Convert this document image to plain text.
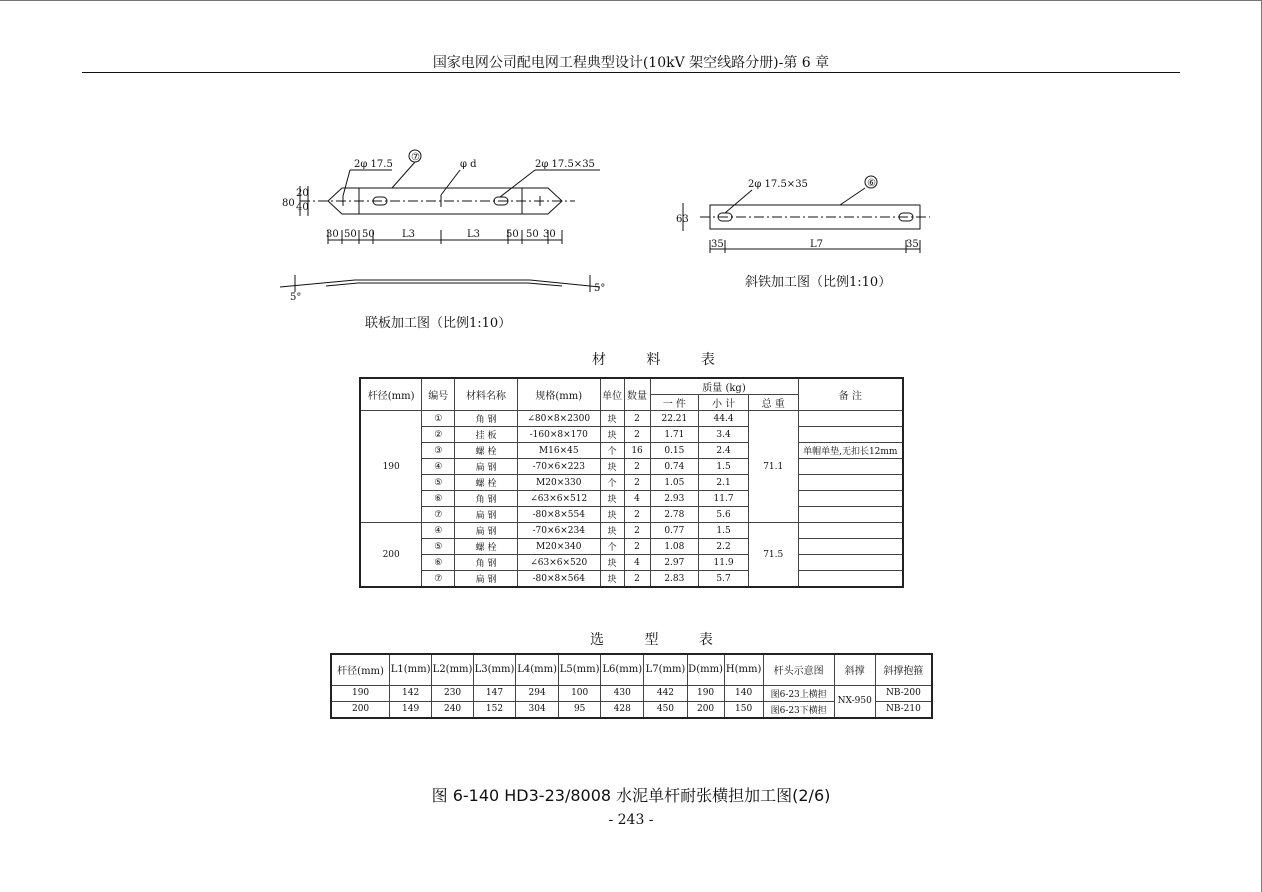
国家电网公司配电网工程典型设计(10kV 架空线路分册)-第 6 章
2φ 17.5
⑦
φ d	2φ 17.5×35
80
20
40
30 50 50	L3	L3	50 50 30
5°
5°
2φ 17.5×35	⑥
63
35	L7	35
联板加工图（比例1:10）
斜铁加工图（比例1:10）
材 料 表
杆径(mm)	编号	材料名称	规格(mm)	单位	数量	质量 (kg)			备 注
						一 件	小 计	总 重	
190	①	角 钢	∠80×8×2300	块	2	22.21	44.4	71.1	
	②	挂 板	-160×8×170	块	2	1.71	3.4		
	③	螺 栓	M16×45	个	16	0.15	2.4		单帽单垫,无扣长12mm
	④	扁 钢	-70×6×223	块	2	0.74	1.5		
	⑤	螺 栓	M20×330	个	2	1.05	2.1		
	⑥	角 钢	∠63×6×512	块	4	2.93	11.7		
	⑦	扁 钢	-80×8×554	块	2	2.78	5.6		
200	④	扁 钢	-70×6×234	块	2	0.77	1.5	71.5	
	⑤	螺 栓	M20×340	个	2	1.08	2.2		
	⑥	角 钢	∠63×6×520	块	4	2.97	11.9		
	⑦	扁 钢	-80×8×564	块	2	2.83	5.7		
选 型 表
杆径(mm)	L1(mm)	L2(mm)	L3(mm)	L4(mm)	L5(mm)	L6(mm)	L7(mm)	D(mm)	H(mm)	杆头示意图	斜撑	斜撑抱箍
190	142	230	147	294	100	430	442	190	140	图6-23上横担	NX-950	NB-200
200	149	240	152	304	95	428	450	200	150	图6-23下横担		NB-210
图 6-140 HD3-23/8008 水泥单杆耐张横担加工图(2/6)
- 243 -
